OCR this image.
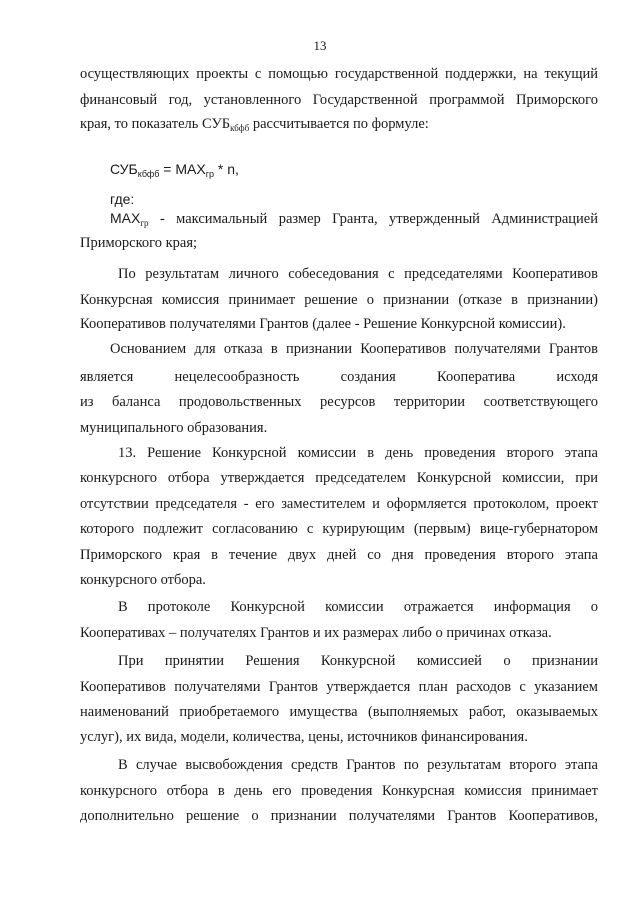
13
осуществляющих проекты с помощью государственной поддержки, на текущий
финансовый год, установленного Государственной программой Приморского
края, то показатель $СУБ_{кбфб}$ рассчитывается по формуле:
$СУБ_{кбфб} = MAX_{гр} * n$,
где:
$MAX_{гр}$ - максимальный размер Гранта, утвержденный Администрацией
Приморского края;
По результатам личного собеседования с председателями Кооперативов
Конкурсная комиссия принимает решение о признании (отказе в признании)
Кооперативов получателями Грантов (далее - Решение Конкурсной комиссии).
Основанием для отказа в признании Кооперативов получателями Грантов
является нецелесообразность создания Кооператива исходя
из баланса продовольственных ресурсов территории соответствующего
муниципального образования.
13. Решение Конкурсной комиссии в день проведения второго этапа
конкурсного отбора утверждается председателем Конкурсной комиссии, при
отсутствии председателя - его заместителем и оформляется протоколом, проект
которого подлежит согласованию с курирующим (первым) вице-губернатором
Приморского края в течение двух дней со дня проведения второго этапа
конкурсного отбора.
В протоколе Конкурсной комиссии отражается информация о
Кооперативах – получателях Грантов и их размерах либо о причинах отказа.
При принятии Решения Конкурсной комиссией о признании
Кооперативов получателями Грантов утверждается план расходов с указанием
наименований приобретаемого имущества (выполняемых работ, оказываемых
услуг), их вида, модели, количества, цены, источников финансирования.
В случае высвобождения средств Грантов по результатам второго этапа
конкурсного отбора в день его проведения Конкурсная комиссия принимает
дополнительно решение о признании получателями Грантов Кооперативов,
